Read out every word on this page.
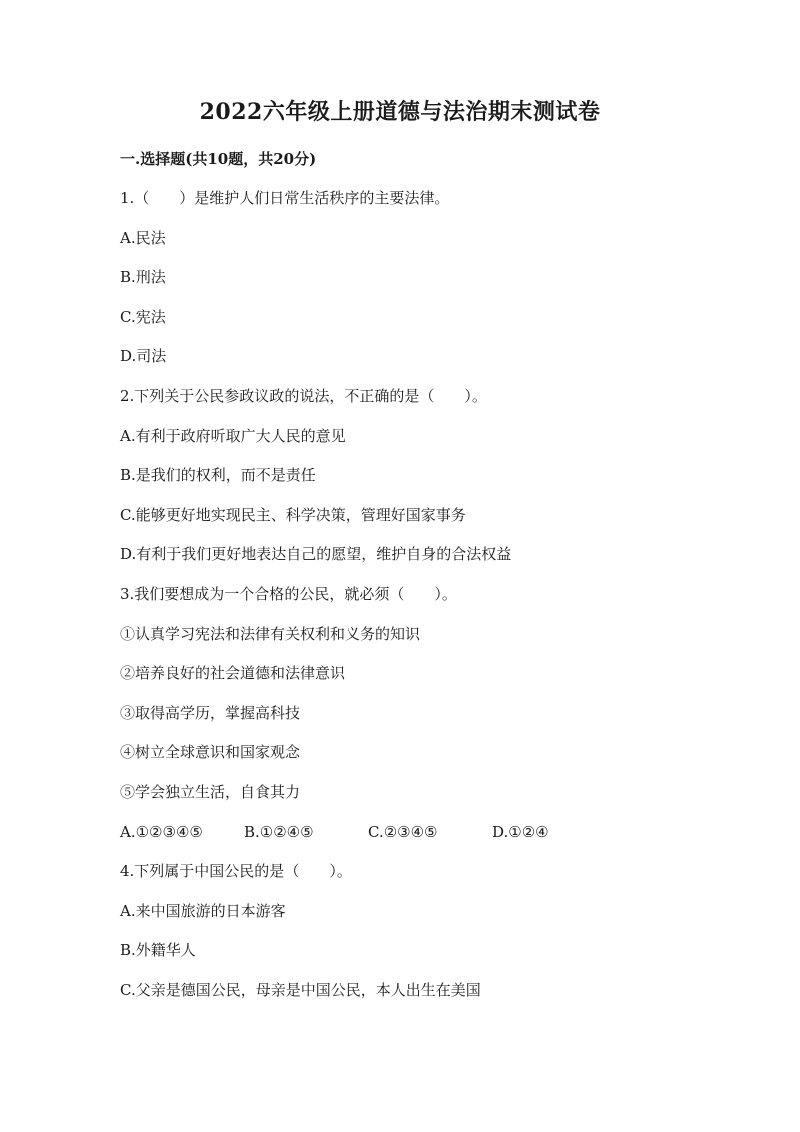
2022六年级上册道德与法治期末测试卷
一.选择题(共10题，共20分)
1.（　　）是维护人们日常生活秩序的主要法律。
A.民法
B.刑法
C.宪法
D.司法
2.下列关于公民参政议政的说法，不正确的是（　　）。
A.有利于政府听取广大人民的意见
B.是我们的权利，而不是责任
C.能够更好地实现民主、科学决策，管理好国家事务
D.有利于我们更好地表达自己的愿望，维护自身的合法权益
3.我们要想成为一个合格的公民，就必须（　　）。
①认真学习宪法和法律有关权利和义务的知识
②培养良好的社会道德和法律意识
③取得高学历，掌握高科技
④树立全球意识和国家观念
⑤学会独立生活，自食其力
A.①②③④⑤	B.①②④⑤	C.②③④⑤	D.①②④
4.下列属于中国公民的是（　　）。
A.来中国旅游的日本游客
B.外籍华人
C.父亲是德国公民，母亲是中国公民，本人出生在美国
